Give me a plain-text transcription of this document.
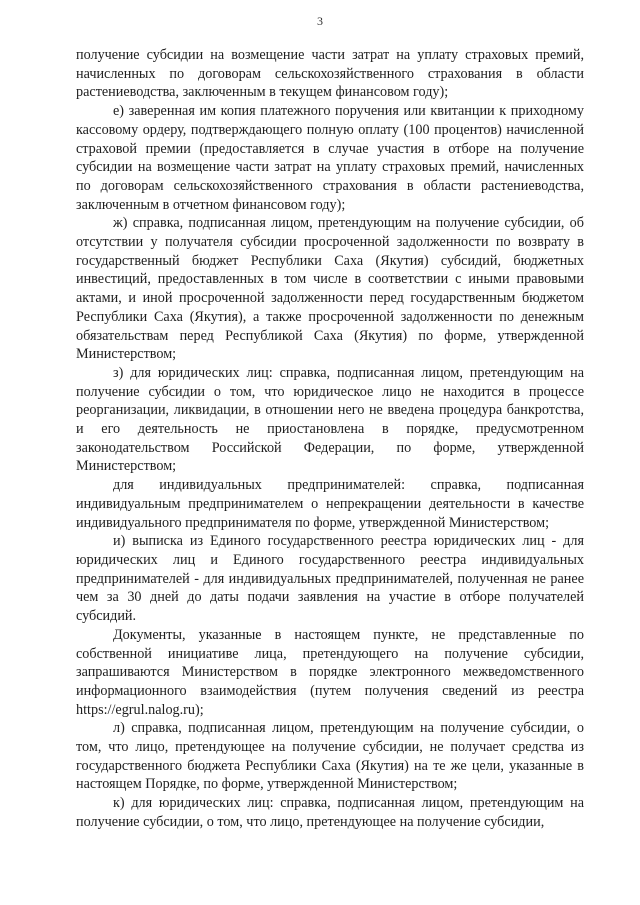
3

получение субсидии на возмещение части затрат на уплату страховых премий, начисленных по договорам сельскохозяйственного страхования в области растениеводства, заключенным в текущем финансовом году);

е) заверенная им копия платежного поручения или квитанции к приходному кассовому ордеру, подтверждающего полную оплату (100 процентов) начисленной страховой премии (предоставляется в случае участия в отборе на получение субсидии на возмещение части затрат на уплату страховых премий, начисленных по договорам сельскохозяйственного страхования в области растениеводства, заключенным в отчетном финансовом году);

ж) справка, подписанная лицом, претендующим на получение субсидии, об отсутствии у получателя субсидии просроченной задолженности по возврату в государственный бюджет Республики Саха (Якутия) субсидий, бюджетных инвестиций, предоставленных в том числе в соответствии с иными правовыми актами, и иной просроченной задолженности перед государственным бюджетом Республики Саха (Якутия), а также просроченной задолженности по денежным обязательствам перед Республикой Саха (Якутия) по форме, утвержденной Министерством;

з) для юридических лиц: справка, подписанная лицом, претендующим на получение субсидии о том, что юридическое лицо не находится в процессе реорганизации, ликвидации, в отношении него не введена процедура банкротства, и его деятельность не приостановлена в порядке, предусмотренном законодательством Российской Федерации, по форме, утвержденной Министерством;

для индивидуальных предпринимателей: справка, подписанная индивидуальным предпринимателем о непрекращении деятельности в качестве индивидуального предпринимателя по форме, утвержденной Министерством;

и) выписка из Единого государственного реестра юридических лиц - для юридических лиц и Единого государственного реестра индивидуальных предпринимателей - для индивидуальных предпринимателей, полученная не ранее чем за 30 дней до даты подачи заявления на участие в отборе получателей субсидий.

Документы, указанные в настоящем пункте, не представленные по собственной инициативе лица, претендующего на получение субсидии, запрашиваются Министерством в порядке электронного межведомственного информационного взаимодействия (путем получения сведений из реестра https://egrul.nalog.ru);

л) справка, подписанная лицом, претендующим на получение субсидии, о том, что лицо, претендующее на получение субсидии, не получает средства из государственного бюджета Республики Саха (Якутия) на те же цели, указанные в настоящем Порядке, по форме, утвержденной Министерством;

к) для юридических лиц: справка, подписанная лицом, претендующим на получение субсидии, о том, что лицо, претендующее на получение субсидии,
